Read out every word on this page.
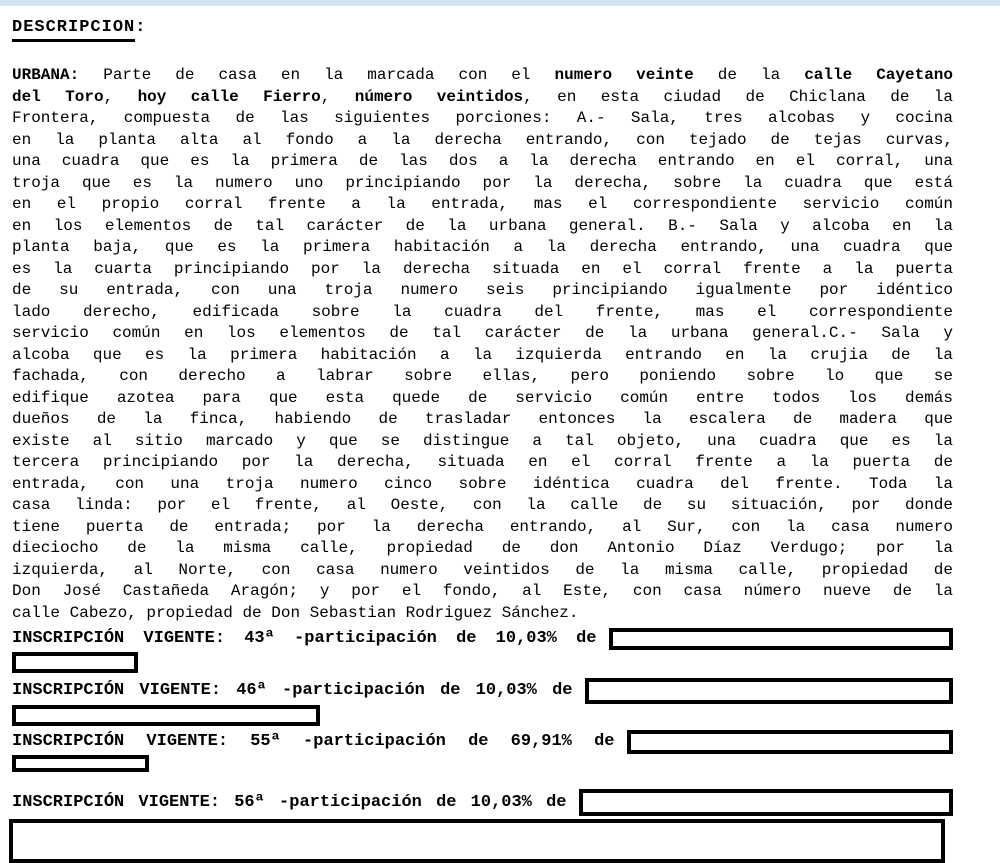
DESCRIPCION:
URBANA: Parte de casa en la marcada con el numero veinte de la calle Cayetano
del Toro, hoy calle Fierro, número veintidos, en esta ciudad de Chiclana de la
Frontera, compuesta de las siguientes porciones: A.- Sala, tres alcobas y cocina
en la planta alta al fondo a la derecha entrando, con tejado de tejas curvas,
una cuadra que es la primera de las dos a la derecha entrando en el corral, una
troja que es la numero uno principiando por la derecha, sobre la cuadra que está
en el propio corral frente a la entrada, mas el correspondiente servicio común
en los elementos de tal carácter de la urbana general. B.- Sala y alcoba en la
planta baja, que es la primera habitación a la derecha entrando, una cuadra que
es la cuarta principiando por la derecha situada en el corral frente a la puerta
de su entrada, con una troja numero seis principiando igualmente por idéntico
lado derecho, edificada sobre la cuadra del frente, mas el correspondiente
servicio común en los elementos de tal carácter de la urbana general.C.- Sala y
alcoba que es la primera habitación a la izquierda entrando en la crujia de la
fachada, con derecho a labrar sobre ellas, pero poniendo sobre lo que se
edifique azotea para que esta quede de servicio común entre todos los demás
dueños de la finca, habiendo de trasladar entonces la escalera de madera que
existe al sitio marcado y que se distingue a tal objeto, una cuadra que es la
tercera principiando por la derecha, situada en el corral frente a la puerta de
entrada, con una troja numero cinco sobre idéntica cuadra del frente. Toda la
casa linda: por el frente, al Oeste, con la calle de su situación, por donde
tiene puerta de entrada; por la derecha entrando, al Sur, con la casa numero
dieciocho de la misma calle, propiedad de don Antonio Díaz Verdugo; por la
izquierda, al Norte, con casa numero veintidos de la misma calle, propiedad de
Don José Castañeda Aragón; y por el fondo, al Este, con casa número nueve de la
calle Cabezo, propiedad de Don Sebastian Rodriguez Sánchez.
INSCRIPCIÓN VIGENTE: 43ª -participación de 10,03% de
INSCRIPCIÓN VIGENTE: 46ª -participación de 10,03% de
INSCRIPCIÓN VIGENTE: 55ª -participación de 69,91% de
INSCRIPCIÓN VIGENTE: 56ª -participación de 10,03% de
